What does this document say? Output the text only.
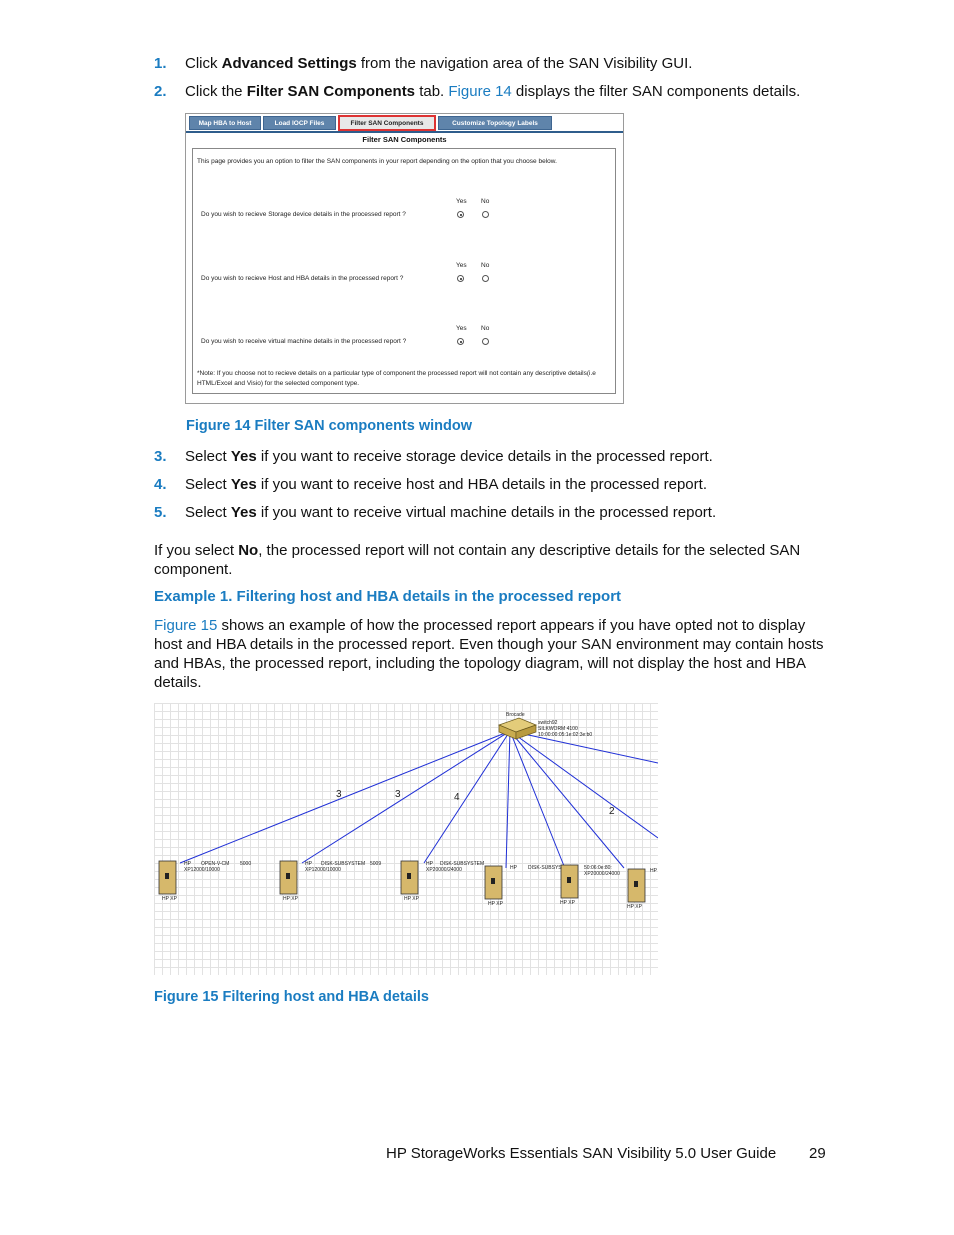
1. Click Advanced Settings from the navigation area of the SAN Visibility GUI.
2. Click the Filter SAN Components tab. Figure 14 displays the filter SAN components details.
Map HBA to Host	Load IOCP Files	Filter SAN Components	Customize Topology Labels
Filter SAN Components
This page provides you an option to filter the SAN components in your report depending on the option that you choose below.
Yes No
Do you wish to recieve Storage device details in the processed report ?
Yes No
Do you wish to recieve Host and HBA details in the processed report ?
Yes No
Do you wish to receive virtual machine details in the processed report ?
*Note: If you choose not to recieve details on a particular type of component the processed report will not contain any descriptive details(i.e HTML/Excel and Visio) for the selected component type.
Figure 14 Filter SAN components window
3. Select Yes if you want to receive storage device details in the processed report.
4. Select Yes if you want to receive host and HBA details in the processed report.
5. Select Yes if you want to receive virtual machine details in the processed report.
If you select No, the processed report will not contain any descriptive details for the selected SAN component.
Example 1. Filtering host and HBA details in the processed report
Figure 15 shows an example of how the processed report appears if you have opted not to display host and HBA details in the processed report. Even though your SAN environment may contain hosts and HBAs, the processed report, including the topology diagram, will not display the host and HBA details.
Brocade
switch92
SILKWORM 4100
10:00:00:05:1e:02:3e:b0
3	3	4
2
HP OPEN-V-CM 5000
XP12000/10000
HP XP
HP DISK-SUBSYSTEM 5009
XP12000/10000
HP XP
HP DISK-SUBSYSTEM
XP20000/24000
HP XP
HP DISK-SUBSYS
HP XP	HP XP
HP
50:06:0e:80:
XP20000/24000
HP XP
Figure 15 Filtering host and HBA details
HP StorageWorks Essentials SAN Visibility 5.0 User Guide 29
